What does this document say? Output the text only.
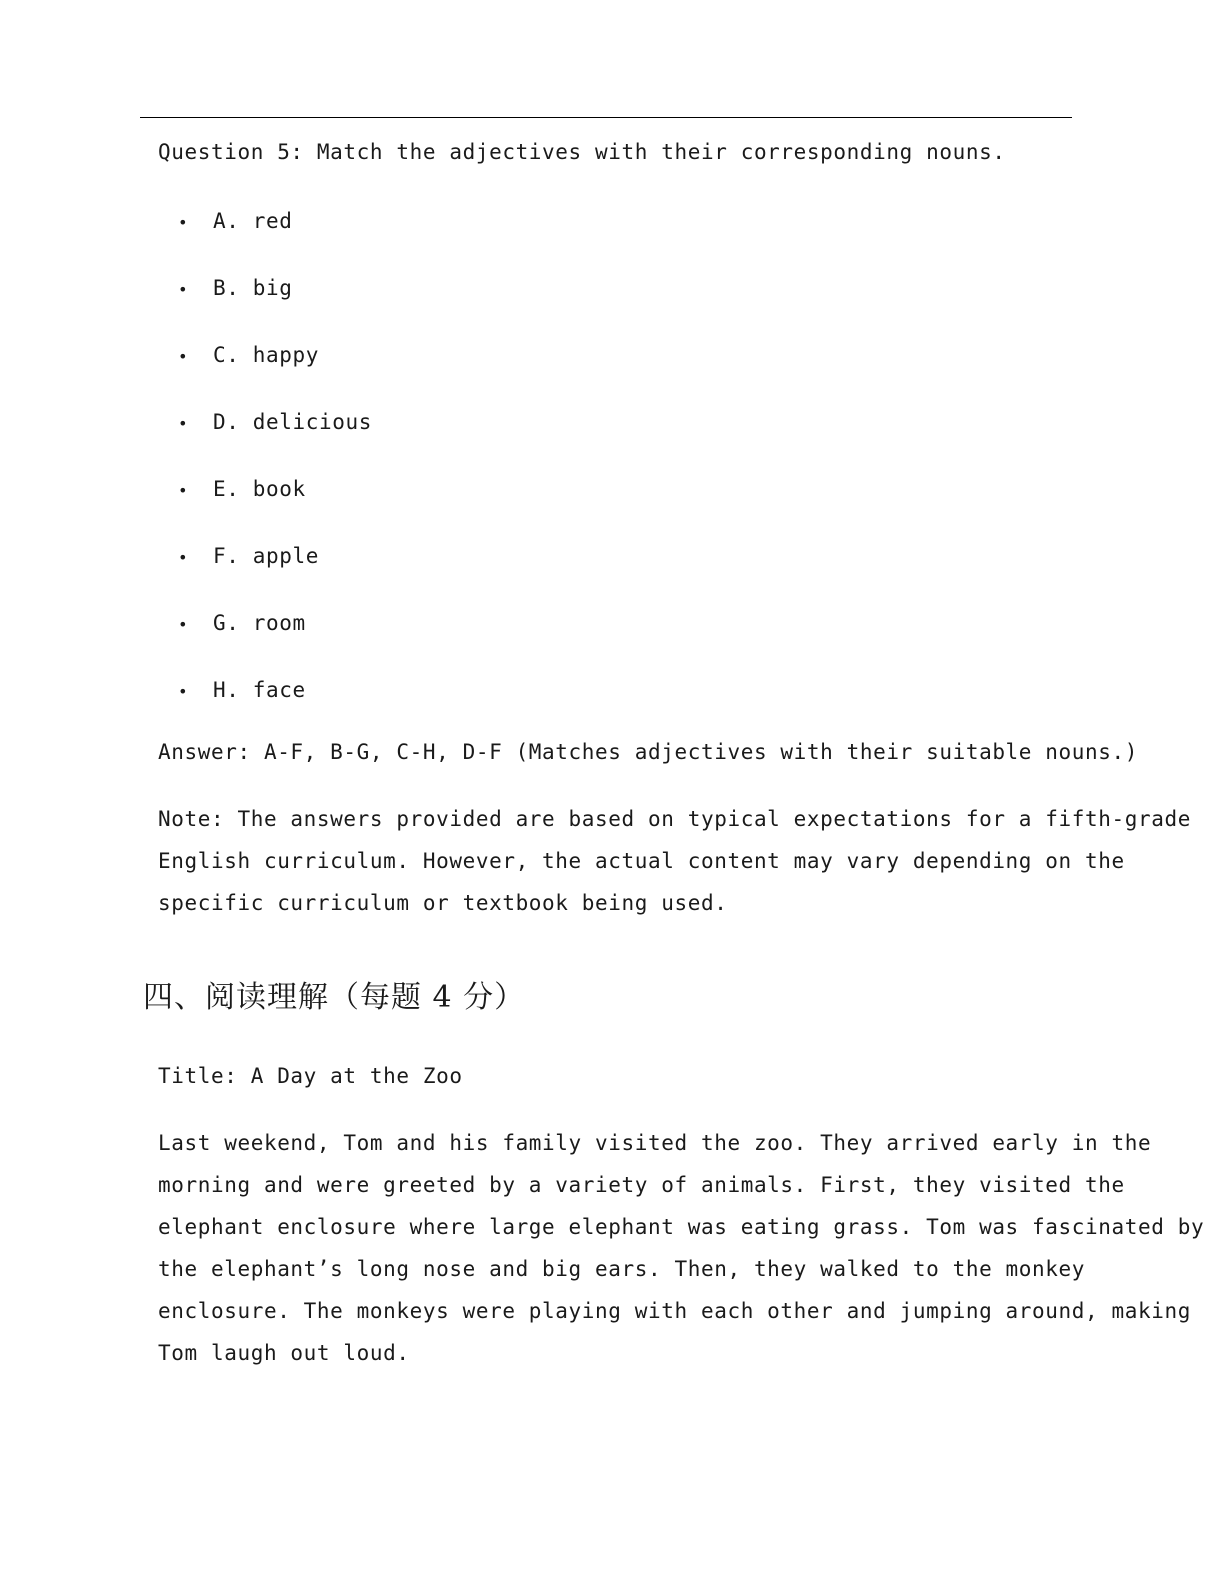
Question 5: Match the adjectives with their corresponding nouns.
• A. red
• B. big
• C. happy
• D. delicious
• E. book
• F. apple
• G. room
• H. face
Answer: A-F, B-G, C-H, D-F (Matches adjectives with their suitable nouns.)
Note: The answers provided are based on typical expectations for a fifth-grade English curriculum. However, the actual content may vary depending on the specific curriculum or textbook being used.
四、阅读理解（每题 4 分）
Title: A Day at the Zoo
Last weekend, Tom and his family visited the zoo. They arrived early in the morning and were greeted by a variety of animals. First, they visited the elephant enclosure where large elephant was eating grass. Tom was fascinated by the elephant’s long nose and big ears. Then, they walked to the monkey enclosure. The monkeys were playing with each other and jumping around, making Tom laugh out loud.
